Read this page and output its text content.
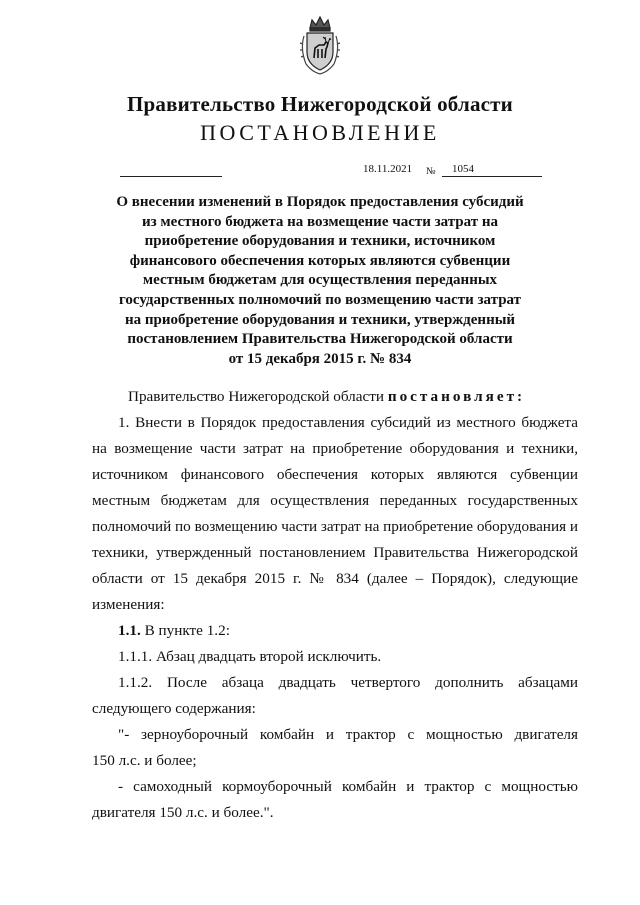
Правительство Нижегородской области
ПОСТАНОВЛЕНИЕ
18.11.2021 № 1054
О внесении изменений в Порядок предоставления субсидий
из местного бюджета на возмещение части затрат на
приобретение оборудования и техники, источником
финансового обеспечения которых являются субвенции
местным бюджетам для осуществления переданных
государственных полномочий по возмещению части затрат
на приобретение оборудования и техники, утвержденный
постановлением Правительства Нижегородской области
от 15 декабря 2015 г. № 834
Правительство Нижегородской области постановляет:
1. Внести в Порядок предоставления субсидий из местного бюджета
на возмещение части затрат на приобретение оборудования и техники,
источником финансового обеспечения которых являются субвенции
местным бюджетам для осуществления переданных государственных
полномочий по возмещению части затрат на приобретение оборудования и
техники, утвержденный постановлением Правительства Нижегородской
области от 15 декабря 2015 г. № 834 (далее – Порядок), следующие
изменения:
1.1. В пункте 1.2:
1.1.1. Абзац двадцать второй исключить.
1.1.2. После абзаца двадцать четвертого дополнить абзацами
следующего содержания:
"- зерноуборочный комбайн и трактор с мощностью двигателя
150 л.с. и более;
- самоходный кормоуборочный комбайн и трактор с мощностью
двигателя 150 л.с. и более.".
